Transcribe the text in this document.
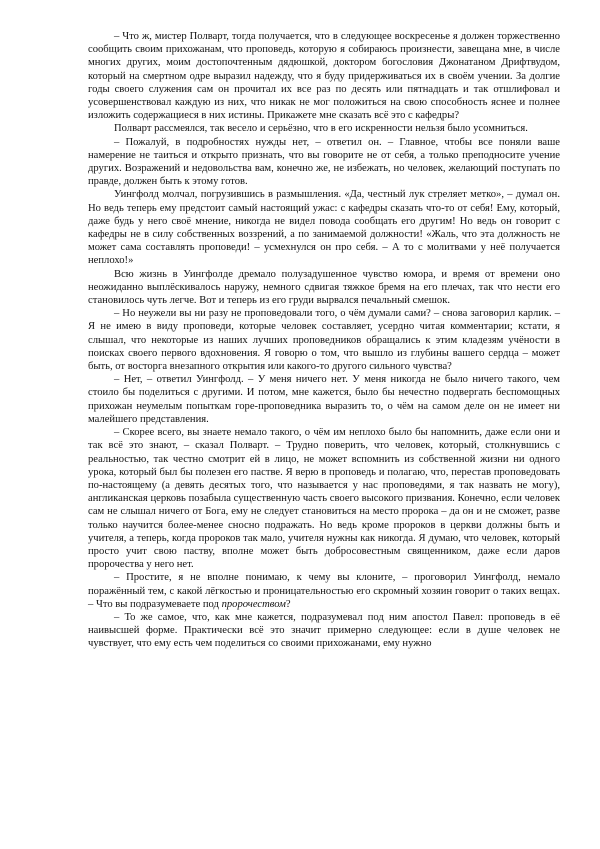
– Что ж, мистер Полварт, тогда получается, что в следующее воскресенье я должен торжественно сообщить своим прихожанам, что проповедь, которую я собираюсь произнести, завещана мне, в числе многих других, моим достопочтенным дядюшкой, доктором богословия Джонатаном Дрифтвудом, который на смертном одре выразил надежду, что я буду придерживаться их в своём учении. За долгие годы своего служения сам он прочитал их все раз по десять или пятнадцать и так отшлифовал и усовершенствовал каждую из них, что никак не мог положиться на свою способность яснее и полнее изложить содержащиеся в них истины. Прикажете мне сказать всё это с кафедры?

Полварт рассмеялся, так весело и серьёзно, что в его искренности нельзя было усомниться.

– Пожалуй, в подробностях нужды нет, – ответил он. – Главное, чтобы все поняли ваше намерение не таиться и открыто признать, что вы говорите не от себя, а только преподносите учение других. Возражений и недовольства вам, конечно же, не избежать, но человек, желающий поступать по правде, должен быть к этому готов.

Уингфолд молчал, погрузившись в размышления. «Да, честный лук стреляет метко», – думал он. Но ведь теперь ему предстоит самый настоящий ужас: с кафедры сказать что-то от себя! Ему, который, даже будь у него своё мнение, никогда не видел повода сообщать его другим! Но ведь он говорит с кафедры не в силу собственных воззрений, а по занимаемой должности! «Жаль, что эта должность не может сама составлять проповеди! – усмехнулся он про себя. – А то с молитвами у неё получается неплохо!»

Всю жизнь в Уингфолде дремало полузадушенное чувство юмора, и время от времени оно неожиданно выплёскивалось наружу, немного сдвигая тяжкое бремя на его плечах, так что нести его становилось чуть легче. Вот и теперь из его груди вырвался печальный смешок.

– Но неужели вы ни разу не проповедовали того, о чём думали сами? – снова заговорил карлик. – Я не имею в виду проповеди, которые человек составляет, усердно читая комментарии; кстати, я слышал, что некоторые из наших лучших проповедников обращались к этим кладезям учёности в поисках своего первого вдохновения. Я говорю о том, что вышло из глубины вашего сердца – может быть, от восторга внезапного открытия или какого-то другого сильного чувства?

– Нет, – ответил Уингфолд. – У меня ничего нет. У меня никогда не было ничего такого, чем стоило бы поделиться с другими. И потом, мне кажется, было бы нечестно подвергать беспомощных прихожан неумелым попыткам горе-проповедника выразить то, о чём на самом деле он не имеет ни малейшего представления.

– Скорее всего, вы знаете немало такого, о чём им неплохо было бы напомнить, даже если они и так всё это знают, – сказал Полварт. – Трудно поверить, что человек, который, столкнувшись с реальностью, так честно смотрит ей в лицо, не может вспомнить из собственной жизни ни одного урока, который был бы полезен его пастве. Я верю в проповедь и полагаю, что, перестав проповедовать по-настоящему (а девять десятых того, что называется у нас проповедями, я так назвать не могу), англиканская церковь позабыла существенную часть своего высокого призвания. Конечно, если человек сам не слышал ничего от Бога, ему не следует становиться на место пророка – да он и не сможет, разве только научится более-менее сносно подражать. Но ведь кроме пророков в церкви должны быть и учителя, а теперь, когда пророков так мало, учителя нужны как никогда. Я думаю, что человек, который просто учит свою паству, вполне может быть добросовестным священником, даже если даров пророчества у него нет.

– Простите, я не вполне понимаю, к чему вы клоните, – проговорил Уингфолд, немало поражённый тем, с какой лёгкостью и проницательностью его скромный хозяин говорит о таких вещах. – Что вы подразумеваете под пророчеством?

– То же самое, что, как мне кажется, подразумевал под ним апостол Павел: проповедь в её наивысшей форме. Практически всё это значит примерно следующее: если в душе человек не чувствует, что ему есть чем поделиться со своими прихожанами, ему нужно
